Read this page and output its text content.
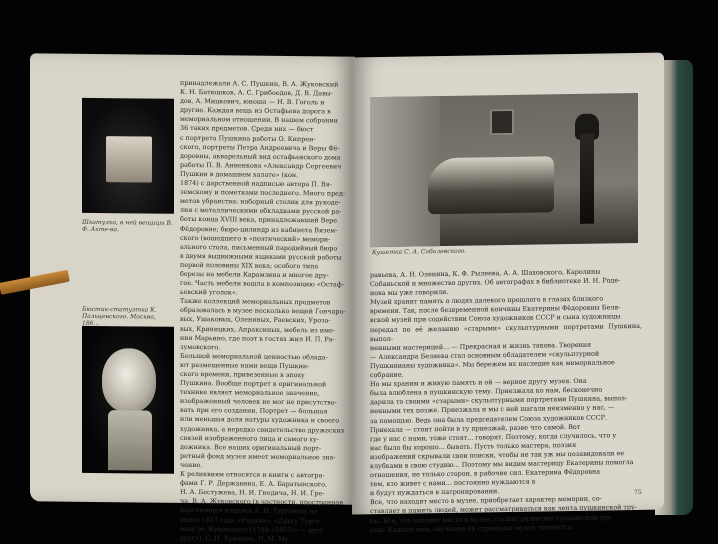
Шкатулка, в ней вещицы В. Ф. Ахте-ва.
Бюстик-статуэтка К. Пальцевского. Москва, 186...

принадлежали А. С. Пушкин, В. А. Жуковский

К. Н. Батюшков, А. С. Грибоедов, Д. В. Давы-

дов, А. Мицкевич, юноша — Н. В. Гоголь и

другие. Каждая вещь из Остафьева дорога в

мемориальном отношении. В нашем собрании

36 таких предметов. Среди них — бюст

с портрета Пушкина работы О. Кипрен-

ского, портреты Петра Андреевича и Веры Фё-

доровны, акварельный вид остафьевского дома

работы П. В. Анненкова «Александр Сергеевич

Пушкин в домашнем халате» (кон.

1874) с дарственной надписью автора П. Вя-

земскому и пометками последнего. Много пред-

метов убранства: наборный столик для рукоде-

лия с металлическими обкладками русской ра-

боты конца XVIII века, принадлежавший Вере

Фёдоровне; бюро-цилиндр из кабинета Вязем-

ского (вошедшего в «поэтический» мемори-

ального стола, письменный пародийный бюро

в двумя выдвижными ящиками русской работы

первой половины XIX века; особого типа

березы на мебели Карамзина и многое дру-

гое. Часть мебели вошла в композицию «Остаф-

ьевский уголок».

Также коллекций мемориальных предметов

образовалась в музее несколько вещей Гончаро-

вых, Ушаковых, Олениных, Раевских, Уроза-

вых, Криницких, Апраксиных, мебель из име-

ния Марьино, где поэт в гостях жил И. П. Ра-

зумовского.

Большой мемориальной ценностью облада-

ют размещенные нами вещи Пушкин-

ского времени, привезенные в эпоху

Пушкина. Вообще портрет в оригинальной

технике являет мемориальное значение,

изображенный человек не мог не присутство-

вать при его создании. Портрет — большая

или меньшая доля натуры художника и своего

художника, а нередко свидетельство дружеских

связей изображенного лица и самого ху-

дожника. Все наших оригинальный порт-

ретный фонд музея имеет мемориальное зна-

чение.

К реликвиям относятся и книги с автогра-

фами Г. Р. Державина, Е. А. Баратынского,

Н. А. Бестужева, Н. И. Гнедича, Н. И. Гре-

ча, В. А. Жуковского (в частности, пространная

дарственная надпись А. И. Тургеневу на

книге 1827 года «Ундина»: «Другу Турге-

неву от Жуковского (1799—1857)» — друг

другу), С. Н. Крюкова, Н. М. Му-

Кушетка С. А. Соболевского.

равьева, А. Н. Оленина, К. Ф. Рылеева, А. А. Шаховского, Каролины

Собаньской и множество других. Об автографах в библиотеке И. Н. Роде-

нова мы уже говорили.

Музей хранит память о людях далекого прошлого в глазах близкого

времени. Так, после безвременной кончины Екатерины Фёдоровны Беля-

вской музей при содействии Союза художников СССР и сына художницы

передал по её желанию «старыми» скульптурными портретами Пушкина, выпол-

ненными мастерицей... — Прекрасная и жизнь такова. Творения

— Александра Беляева стал основным обладателем «скульптурной

Пушкинианы художника». Мы бережем их наследие как мемориальное

собрание.

Но мы храним и живую память и ой — верное другу музея. Она

была влюблена в пушкинскую тему. Приезжала ко нам, бесконечно

дарила то своими «старыми» скульптурными портретами Пушкина, выпол-

ненными тех позже. Приезжала и мы с ней шагали неизменно у нас, —

за помощью. Ведь она была председателем Союза художников СССР.

Приехала — стоит пойти в ту приезжай, разве что самой. Вот

где у нас с нами, тоже стоят... говорят. Поэтому, когда случилось, что у

нас было бы хорошо... бывать. Пусть только мастера, поэзия

изображений скрывали свои поиски, чтобы не так уж мы позавидовали ее

клубками в свою студию... Поэтому мы видим мастерицу Екатерины помогла

отношения, не только сторон, в рабочие сил. Екатерина Фёдоровна

тем, кто живет с нами... постоянно нуждаются в

и будут нуждаться в патронировании.

Все, что находит место в музее, приобретает характер мемории, со-

ставляет и память людей, может рассматриваться как лепта пушкинской тру-

пы. Все, что находит место в музее, служит развитию пушкинской тру-

ппы. Каждое имя, звучащее на страницах музея, помнится.

75
